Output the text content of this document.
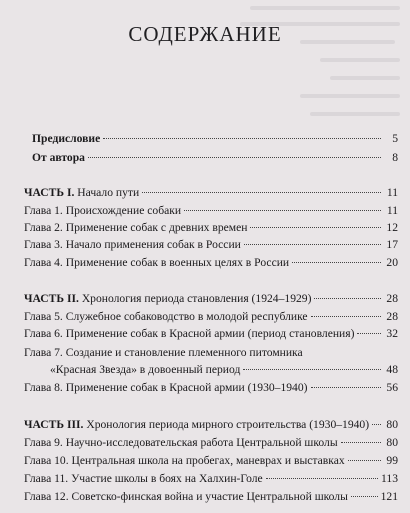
СОДЕРЖАНИЕ
Предисловие	5
От автора	8
ЧАСТЬ I. Начало пути	11
Глава 1. Происхождение собаки	11
Глава 2. Применение собак с древних времен	12
Глава 3. Начало применения собак в России	17
Глава 4. Применение собак в военных целях в России	20
ЧАСТЬ II. Хронология периода становления (1924–1929)	28
Глава 5. Служебное собаководство в молодой республике	28
Глава 6. Применение собак в Красной армии (период становления)	32
Глава 7. Создание и становление племенного питомника
«Красная Звезда» в довоенный период	48
Глава 8. Применение собак в Красной армии (1930–1940)	56
ЧАСТЬ III. Хронология периода мирного строительства (1930–1940) 80
Глава 9. Научно-исследовательская работа Центральной школы	80
Глава 10. Центральная школа на пробегах, маневрах и выставках	99
Глава 11. Участие школы в боях на Халхин-Голе	113
Глава 12. Советско-финская война и участие Центральной школы	121
